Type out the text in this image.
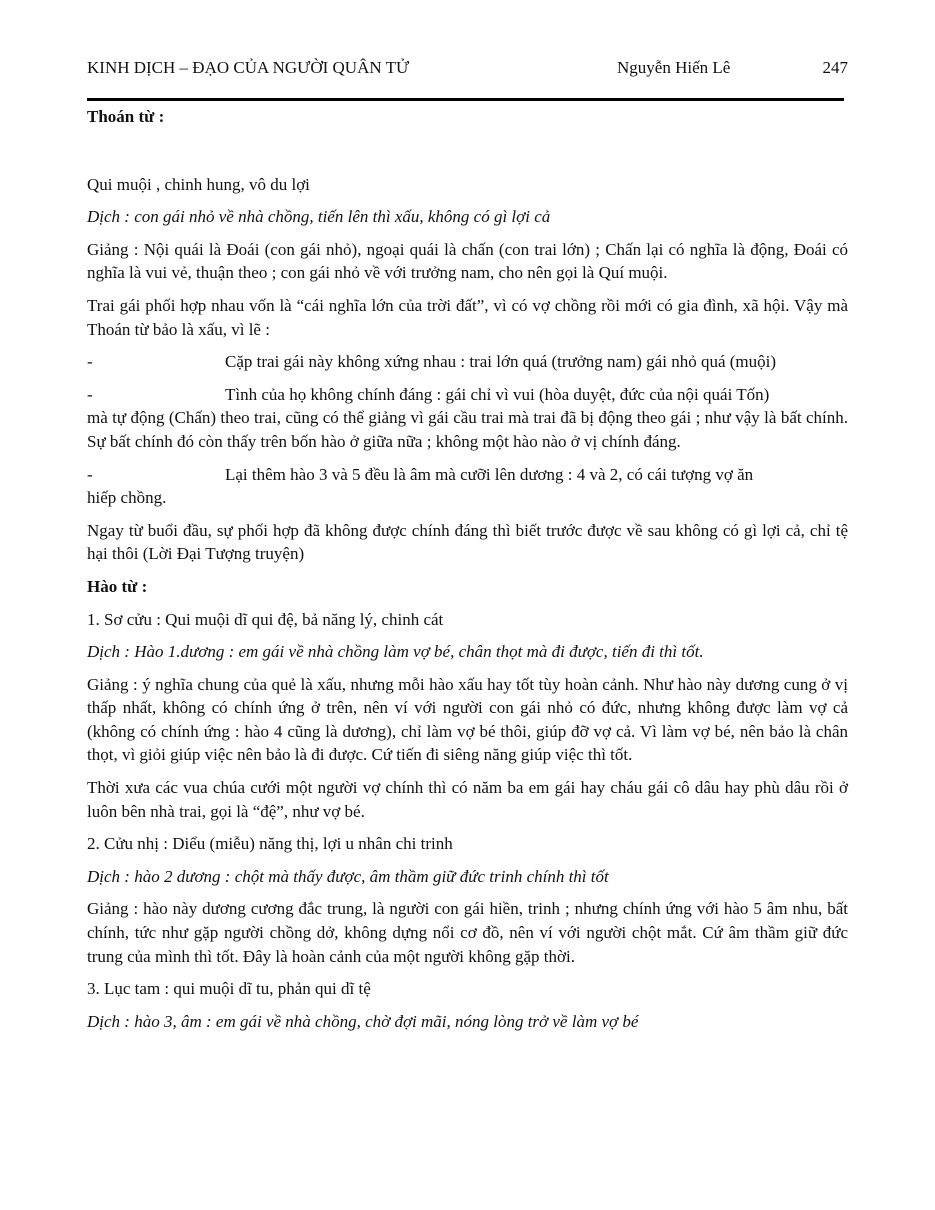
KINH DỊCH – ĐẠO CỦA NGƯỜI QUÂN TỬ	Nguyễn Hiến Lê	247

Thoán từ :

Qui muội , chinh hung, vô du lợi

Dịch : con gái nhỏ về nhà chồng, tiến lên thì xấu, không có gì lợi cả

Giảng : Nội quái là Đoái (con gái nhỏ), ngoại quái là chấn (con trai lớn) ; Chấn lại có nghĩa là động, Đoái có nghĩa là vui vẻ, thuận theo ; con gái nhỏ về với trưởng nam, cho nên gọi là Quí muội.

Trai gái phối hợp nhau vốn là “cái nghĩa lớn của trời đất”, vì có vợ chồng rồi mới có gia đình, xã hội. Vậy mà Thoán từ bảo là xấu, vì lẽ :

-	Cặp trai gái này không xứng nhau : trai lớn quá (trưởng nam) gái nhỏ quá (muội)
-	Tình của họ không chính đáng : gái chỉ vì vui (hòa duyệt, đức của nội quái Tốn)

mà tự động (Chấn) theo trai, cũng có thể giảng vì gái cầu trai mà trai đã bị động theo gái ; như vậy là bất chính. Sự bất chính đó còn thấy trên bốn hào ở giữa nữa ; không một hào nào ở vị chính đáng.

-	Lại thêm hào 3 và 5 đều là âm mà cưỡi lên dương : 4 và 2, có cái tượng vợ ăn

hiếp chồng.

Ngay từ buổi đầu, sự phối hợp đã không được chính đáng thì biết trước được về sau không có gì lợi cả, chỉ tệ hại thôi (Lời Đại Tượng truyện)

Hào từ :

1. Sơ cửu : Qui muội dĩ qui đệ, bả năng lý, chinh cát

Dịch : Hào 1.dương : em gái về nhà chồng làm vợ bé, chân thọt mà đi được, tiến đi thì tốt.

Giảng : ý nghĩa chung của quẻ là xấu, nhưng mỗi hào xấu hay tốt tùy hoàn cảnh. Như hào này dương cung ở vị thấp nhất, không có chính ứng ở trên, nên ví với người con gái nhỏ có đức, nhưng không được làm vợ cả (không có chính ứng : hào 4 cũng là dương), chỉ làm vợ bé thôi, giúp đỡ vợ cả. Vì làm vợ bé, nên bảo là chân thọt, vì giỏi giúp việc nên bảo là đi được. Cứ tiến đi siêng năng giúp việc thì tốt.

Thời xưa các vua chúa cưới một người vợ chính thì có năm ba em gái hay cháu gái cô dâu hay phù dâu rồi ở luôn bên nhà trai, gọi là “đệ”, như vợ bé.

2. Cửu nhị : Diểu (miễu) năng thị, lợi u nhân chi trinh

Dịch : hào 2 dương : chột mà thấy được, âm thầm giữ đức trinh chính thì tốt

Giảng : hào này dương cương đắc trung, là người con gái hiền, trinh ; nhưng chính ứng với hào 5 âm nhu, bất chính, tức như gặp người chồng dở, không dựng nổi cơ đồ, nên ví với người chột mắt. Cứ âm thầm giữ đức trung của mình thì tốt. Đây là hoàn cảnh của một người không gặp thời.

3. Lục tam : qui muội dĩ tu, phản qui dĩ tệ

Dịch : hào 3, âm : em gái về nhà chồng, chờ đợi mãi, nóng lòng trở về làm vợ bé
